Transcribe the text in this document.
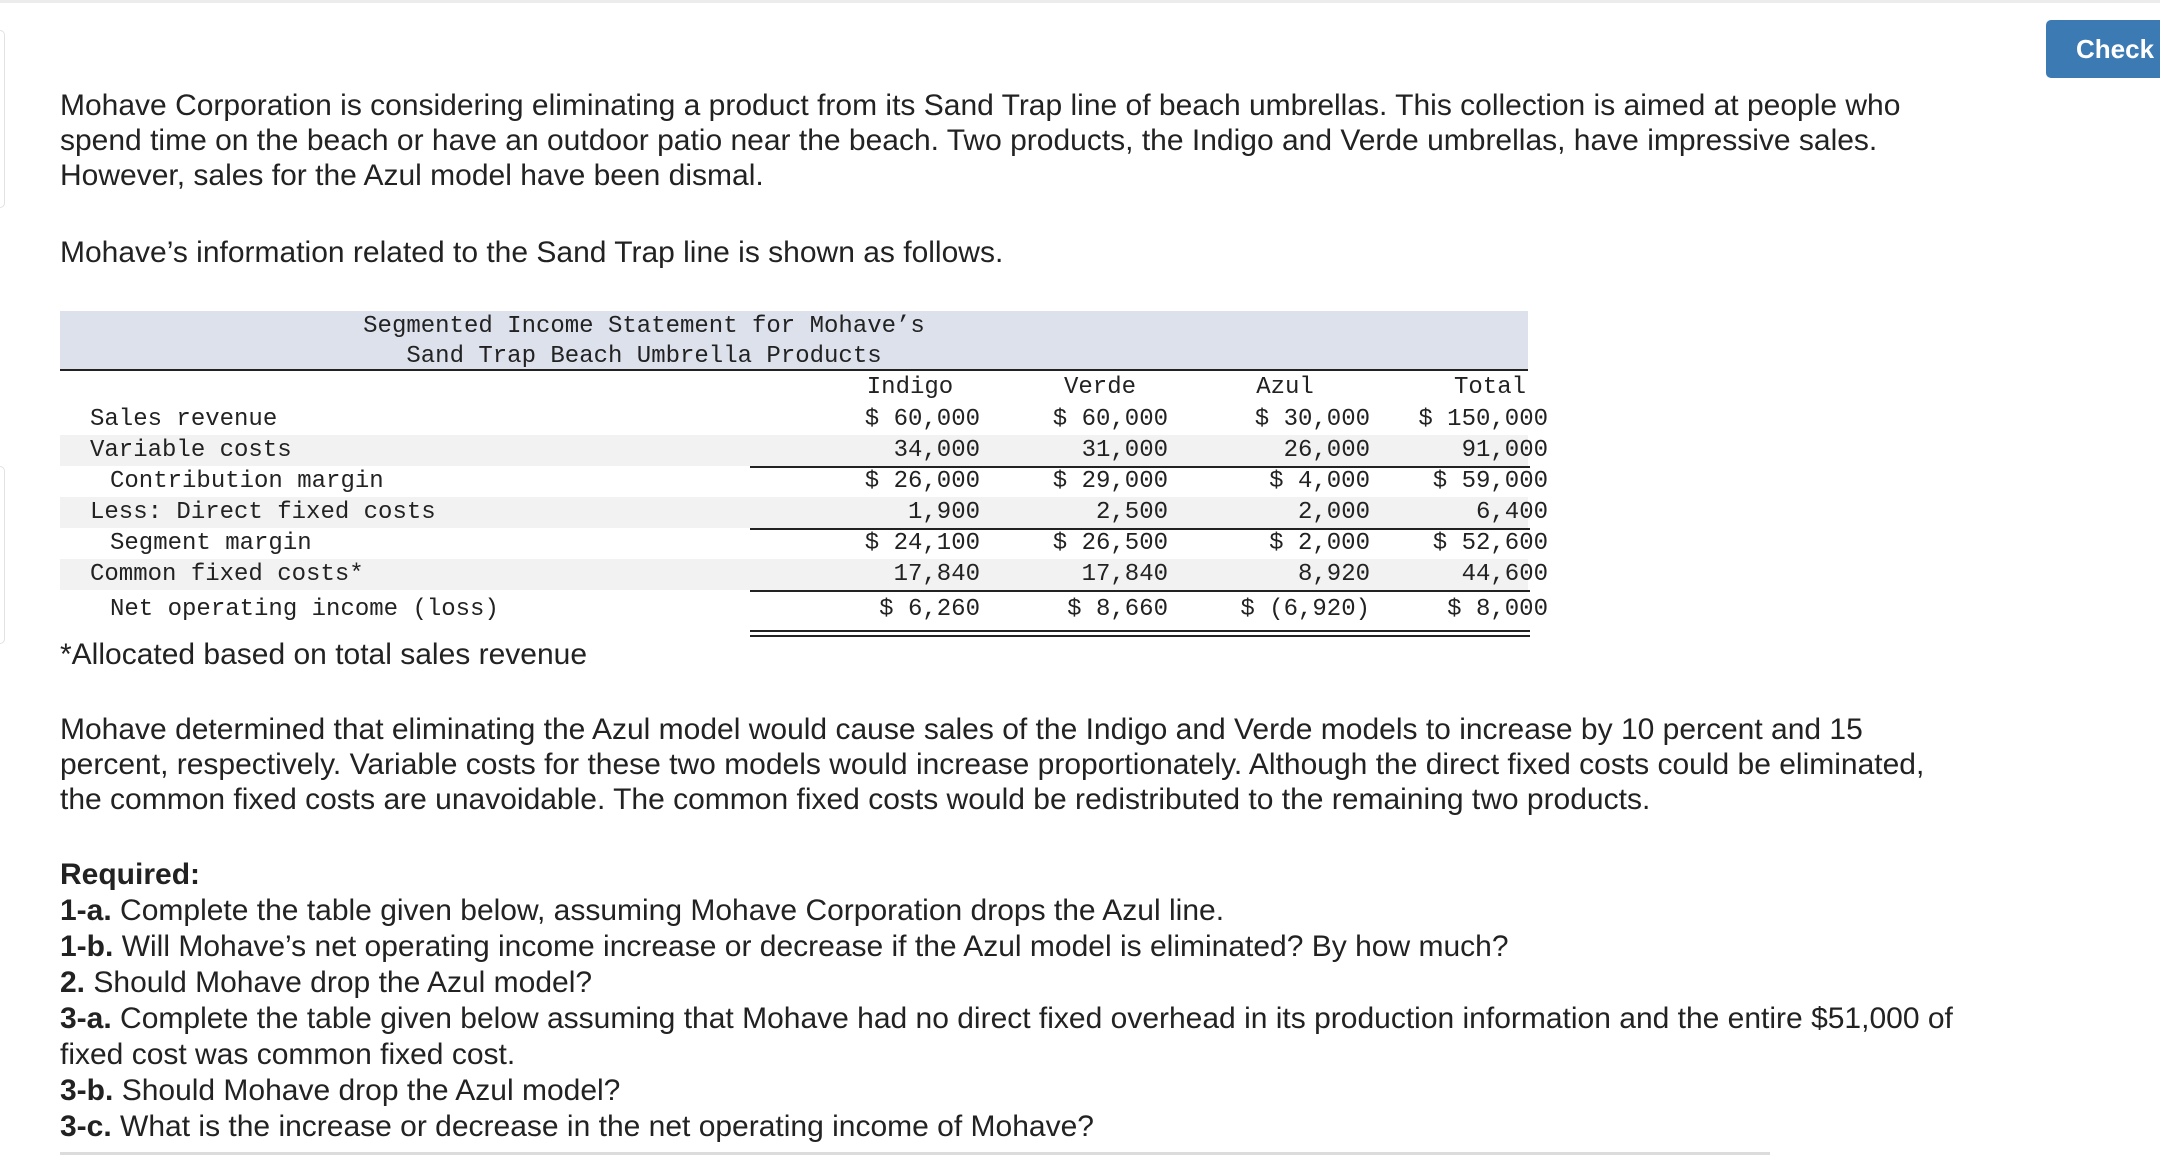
Check

Mohave Corporation is considering eliminating a product from its Sand Trap line of beach umbrellas. This collection is aimed at people who spend time on the beach or have an outdoor patio near the beach. Two products, the Indigo and Verde umbrellas, have impressive sales. However, sales for the Azul model have been dismal.

Mohave’s information related to the Sand Trap line is shown as follows.

Segmented Income Statement for Mohave’s
Sand Trap Beach Umbrella Products
Indigo	Verde	Azul	Total
Sales revenue	$ 60,000	$ 60,000	$ 30,000	$ 150,000
Variable costs	34,000	31,000	26,000	91,000
Contribution margin	$ 26,000	$ 29,000	$ 4,000	$ 59,000
Less: Direct fixed costs	1,900	2,500	2,000	6,400
Segment margin	$ 24,100	$ 26,500	$ 2,000	$ 52,600
Common fixed costs*	17,840	17,840	8,920	44,600
Net operating income (loss)	$ 6,260	$ 8,660	$ (6,920)	$ 8,000

*Allocated based on total sales revenue

Mohave determined that eliminating the Azul model would cause sales of the Indigo and Verde models to increase by 10 percent and 15 percent, respectively. Variable costs for these two models would increase proportionately. Although the direct fixed costs could be eliminated, the common fixed costs are unavoidable. The common fixed costs would be redistributed to the remaining two products.

Required:
1-a. Complete the table given below, assuming Mohave Corporation drops the Azul line.
1-b. Will Mohave’s net operating income increase or decrease if the Azul model is eliminated? By how much?
2. Should Mohave drop the Azul model?
3-a. Complete the table given below assuming that Mohave had no direct fixed overhead in its production information and the entire $51,000 of fixed cost was common fixed cost.
3-b. Should Mohave drop the Azul model?
3-c. What is the increase or decrease in the net operating income of Mohave?
